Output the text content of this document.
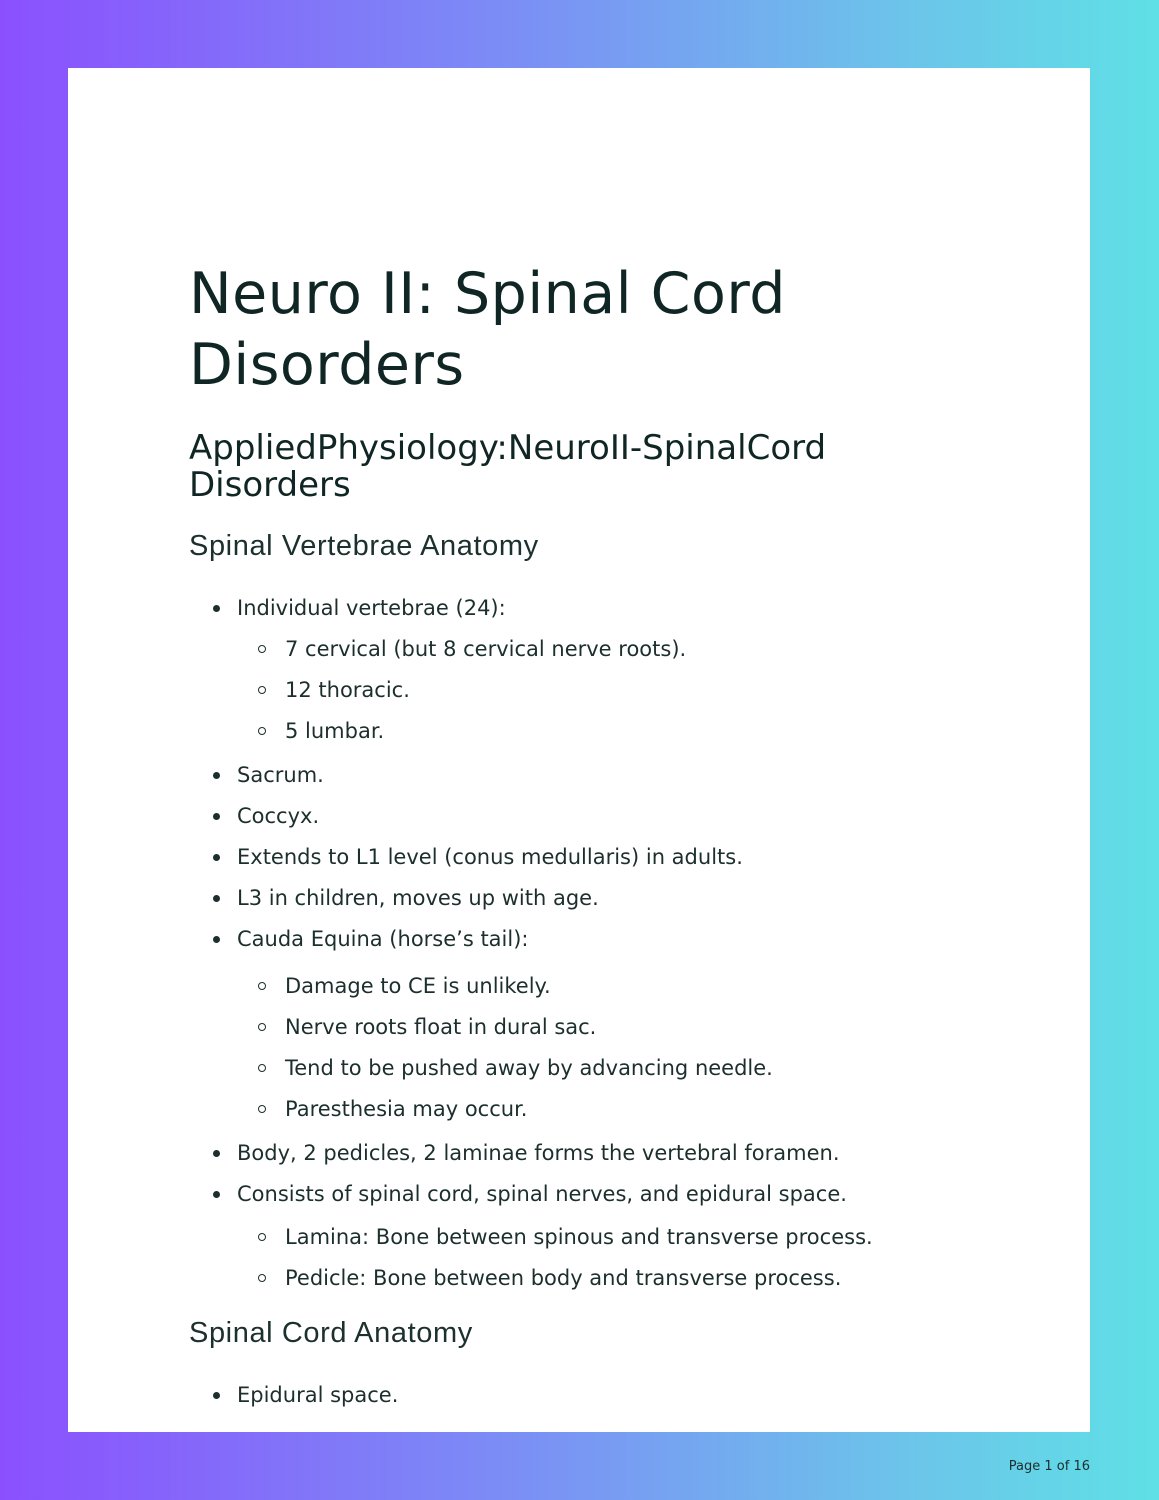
Neuro II: Spinal Cord Disorders
AppliedPhysiology:NeuroII-SpinalCord Disorders
Spinal Vertebrae Anatomy
Individual vertebrae (24):
7 cervical (but 8 cervical nerve roots).
12 thoracic.
5 lumbar.
Sacrum.
Coccyx.
Extends to L1 level (conus medullaris) in adults.
L3 in children, moves up with age.
Cauda Equina (horse’s tail):
Damage to CE is unlikely.
Nerve roots float in dural sac.
Tend to be pushed away by advancing needle.
Paresthesia may occur.
Body, 2 pedicles, 2 laminae forms the vertebral foramen.
Consists of spinal cord, spinal nerves, and epidural space.
Lamina: Bone between spinous and transverse process.
Pedicle: Bone between body and transverse process.
Spinal Cord Anatomy
Epidural space.
Page 1 of 16
